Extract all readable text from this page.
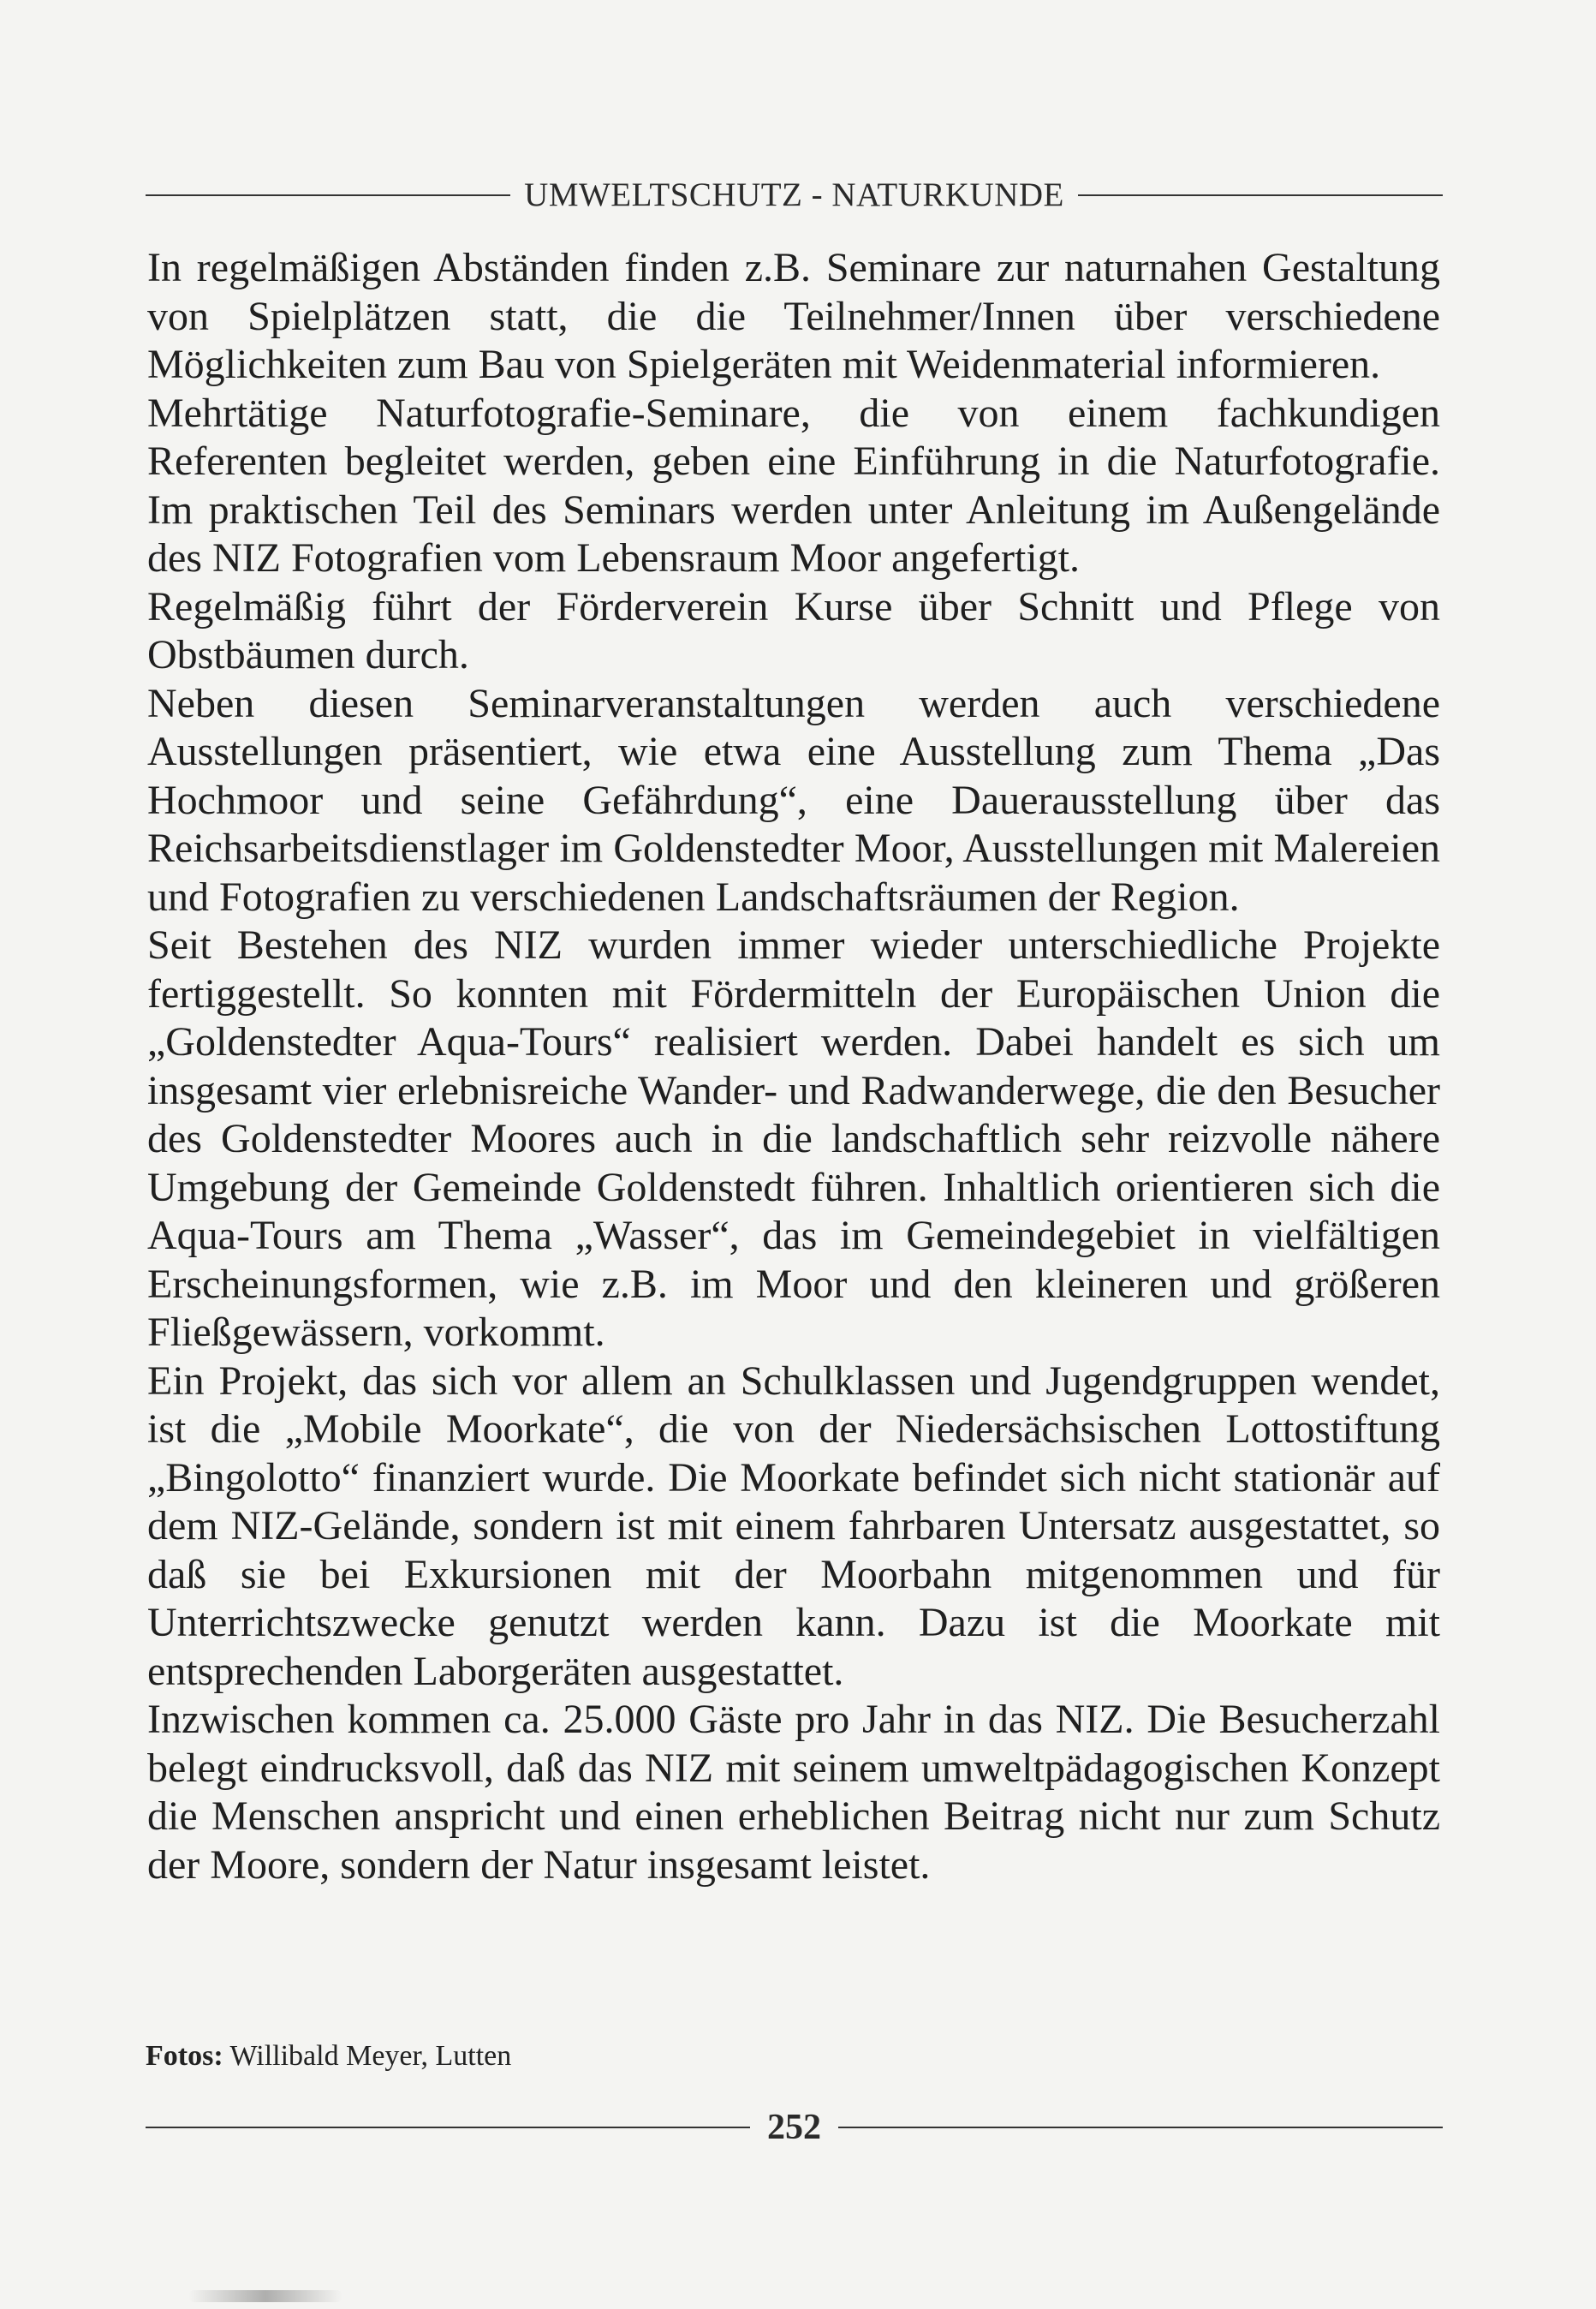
UMWELTSCHUTZ - NATURKUNDE

In regelmäßigen Abständen finden z.B. Seminare zur naturnahen Gestaltung von Spielplätzen statt, die die Teilnehmer/Innen über verschiedene Möglichkeiten zum Bau von Spielgeräten mit Weidenmaterial informieren.

Mehrtätige Naturfotografie-Seminare, die von einem fachkundigen Referenten begleitet werden, geben eine Einführung in die Naturfotografie. Im praktischen Teil des Seminars werden unter Anleitung im Außengelände des NIZ Fotografien vom Lebensraum Moor angefertigt.

Regelmäßig führt der Förderverein Kurse über Schnitt und Pflege von Obstbäumen durch.

Neben diesen Seminarveranstaltungen werden auch verschiedene Ausstellungen präsentiert, wie etwa eine Ausstellung zum Thema „Das Hochmoor und seine Gefährdung“, eine Dauerausstellung über das Reichsarbeitsdienstlager im Goldenstedter Moor, Ausstellungen mit Malereien und Fotografien zu verschiedenen Landschaftsräumen der Region.

Seit Bestehen des NIZ wurden immer wieder unterschiedliche Projekte fertiggestellt. So konnten mit Fördermitteln der Europäischen Union die „Goldenstedter Aqua-Tours“ realisiert werden. Dabei handelt es sich um insgesamt vier erlebnisreiche Wander- und Radwanderwege, die den Besucher des Goldenstedter Moores auch in die landschaftlich sehr reizvolle nähere Umgebung der Gemeinde Goldenstedt führen. Inhaltlich orientieren sich die Aqua-Tours am Thema „Wasser“, das im Gemeindegebiet in vielfältigen Erscheinungsformen, wie z.B. im Moor und den kleineren und größeren Fließgewässern, vorkommt.

Ein Projekt, das sich vor allem an Schulklassen und Jugendgruppen wendet, ist die „Mobile Moorkate“, die von der Niedersächsischen Lottostiftung „Bingolotto“ finanziert wurde. Die Moorkate befindet sich nicht stationär auf dem NIZ-Gelände, sondern ist mit einem fahrbaren Untersatz ausgestattet, so daß sie bei Exkursionen mit der Moorbahn mitgenommen und für Unterrichtszwecke genutzt werden kann. Dazu ist die Moorkate mit entsprechenden Laborgeräten ausgestattet.

Inzwischen kommen ca. 25.000 Gäste pro Jahr in das NIZ. Die Besucherzahl belegt eindrucksvoll, daß das NIZ mit seinem umweltpädagogischen Konzept die Menschen anspricht und einen erheblichen Beitrag nicht nur zum Schutz der Moore, sondern der Natur insgesamt leistet.

Fotos: Willibald Meyer, Lutten
252
